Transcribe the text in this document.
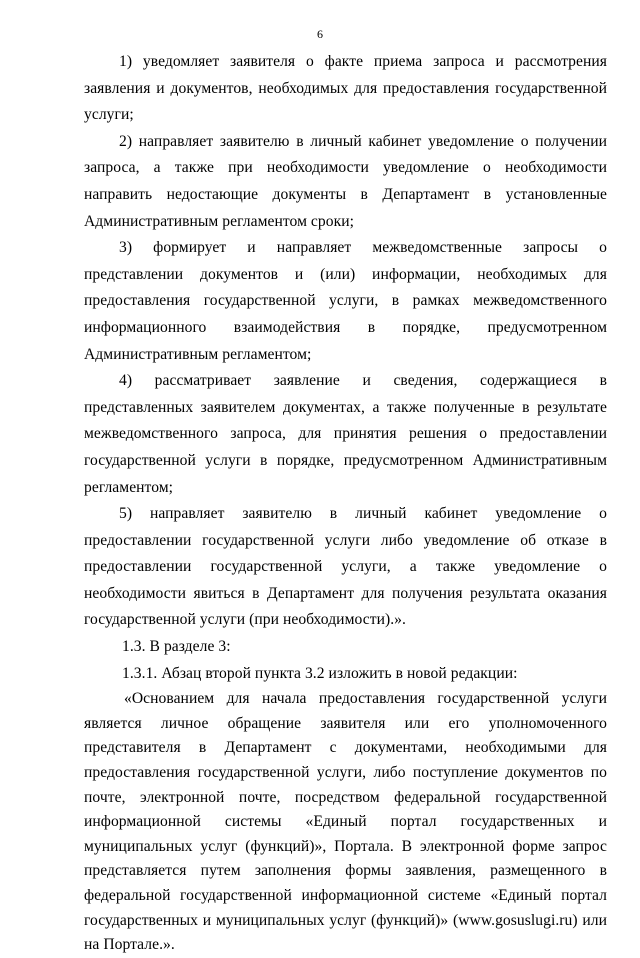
6

1) уведомляет заявителя о факте приема запроса и рассмотрения заявления и документов, необходимых для предоставления государственной услуги;

2) направляет заявителю в личный кабинет уведомление о получении запроса, а также при необходимости уведомление о необходимости направить недостающие документы в Департамент в установленные Административным регламентом сроки;

3) формирует и направляет межведомственные запросы о представлении документов и (или) информации, необходимых для предоставления государственной услуги, в рамках межведомственного информационного взаимодействия в порядке, предусмотренном Административным регламентом;

4) рассматривает заявление и сведения, содержащиеся в представленных заявителем документах, а также полученные в результате межведомственного запроса, для принятия решения о предоставлении государственной услуги в порядке, предусмотренном Административным регламентом;

5) направляет заявителю в личный кабинет уведомление о предоставлении государственной услуги либо уведомление об отказе в предоставлении государственной услуги, а также уведомление о необходимости явиться в Департамент для получения результата оказания государственной услуги (при необходимости).».

1.3. В разделе 3:

1.3.1. Абзац второй пункта 3.2 изложить в новой редакции:

«Основанием для начала предоставления государственной услуги является личное обращение заявителя или его уполномоченного представителя в Департамент с документами, необходимыми для предоставления государственной услуги, либо поступление документов по почте, электронной почте, посредством федеральной государственной информационной системы «Единый портал государственных и муниципальных услуг (функций)», Портала. В электронной форме запрос представляется путем заполнения формы заявления, размещенного в федеральной государственной информационной системе «Единый портал государственных и муниципальных услуг (функций)» (www.gosuslugi.ru) или на Портале.».
